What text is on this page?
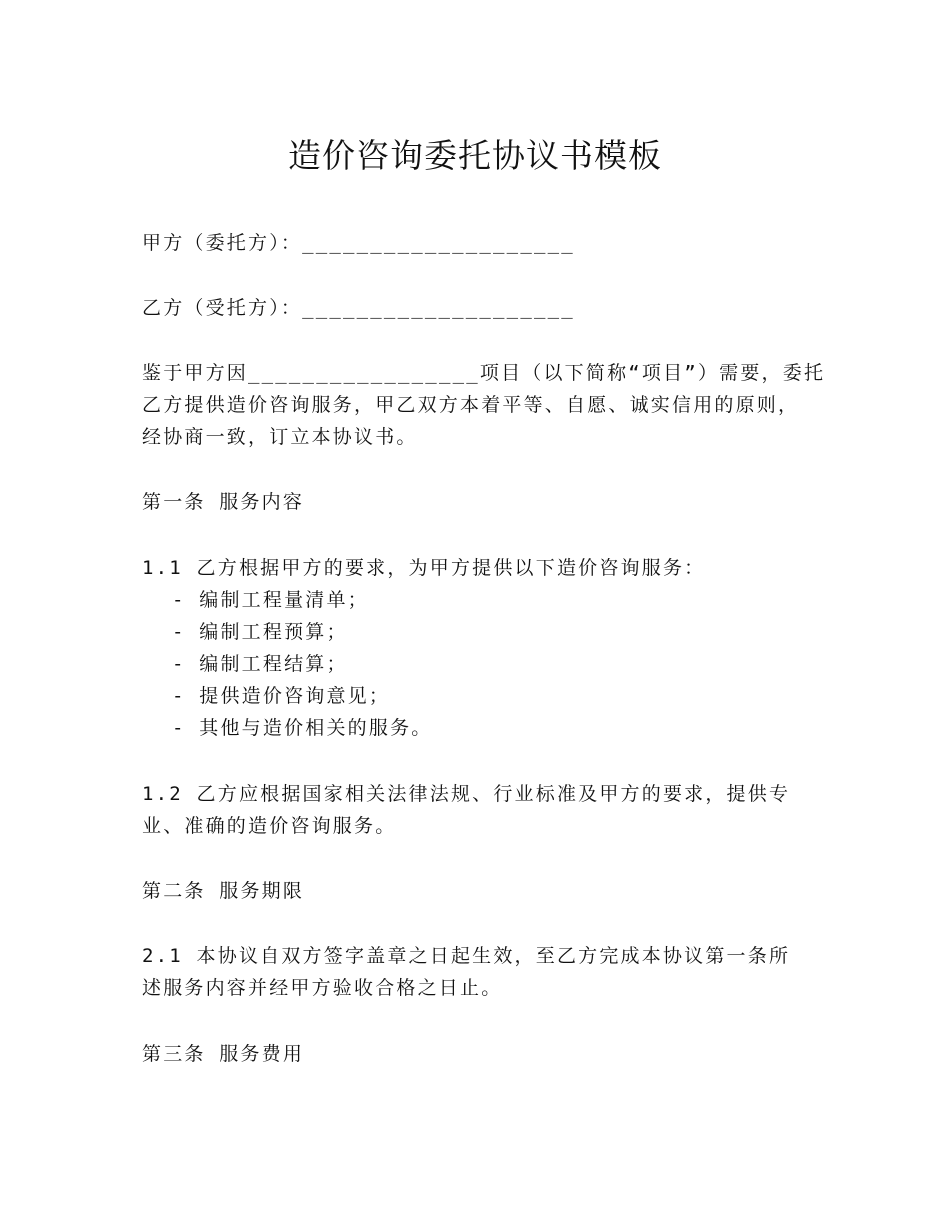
造价咨询委托协议书模板

甲方（委托方）：____________________

乙方（受托方）：____________________

鉴于甲方因_________________项目（以下简称“项目”）需要，委托

乙方提供造价咨询服务，甲乙双方本着平等、自愿、诚实信用的原则，

经协商一致，订立本协议书。

第一条 服务内容

1.1 乙方根据甲方的要求，为甲方提供以下造价咨询服务：

- 编制工程量清单；

- 编制工程预算；

- 编制工程结算；

- 提供造价咨询意见；

- 其他与造价相关的服务。

1.2 乙方应根据国家相关法律法规、行业标准及甲方的要求，提供专

业、准确的造价咨询服务。

第二条 服务期限

2.1 本协议自双方签字盖章之日起生效，至乙方完成本协议第一条所

述服务内容并经甲方验收合格之日止。

第三条 服务费用
